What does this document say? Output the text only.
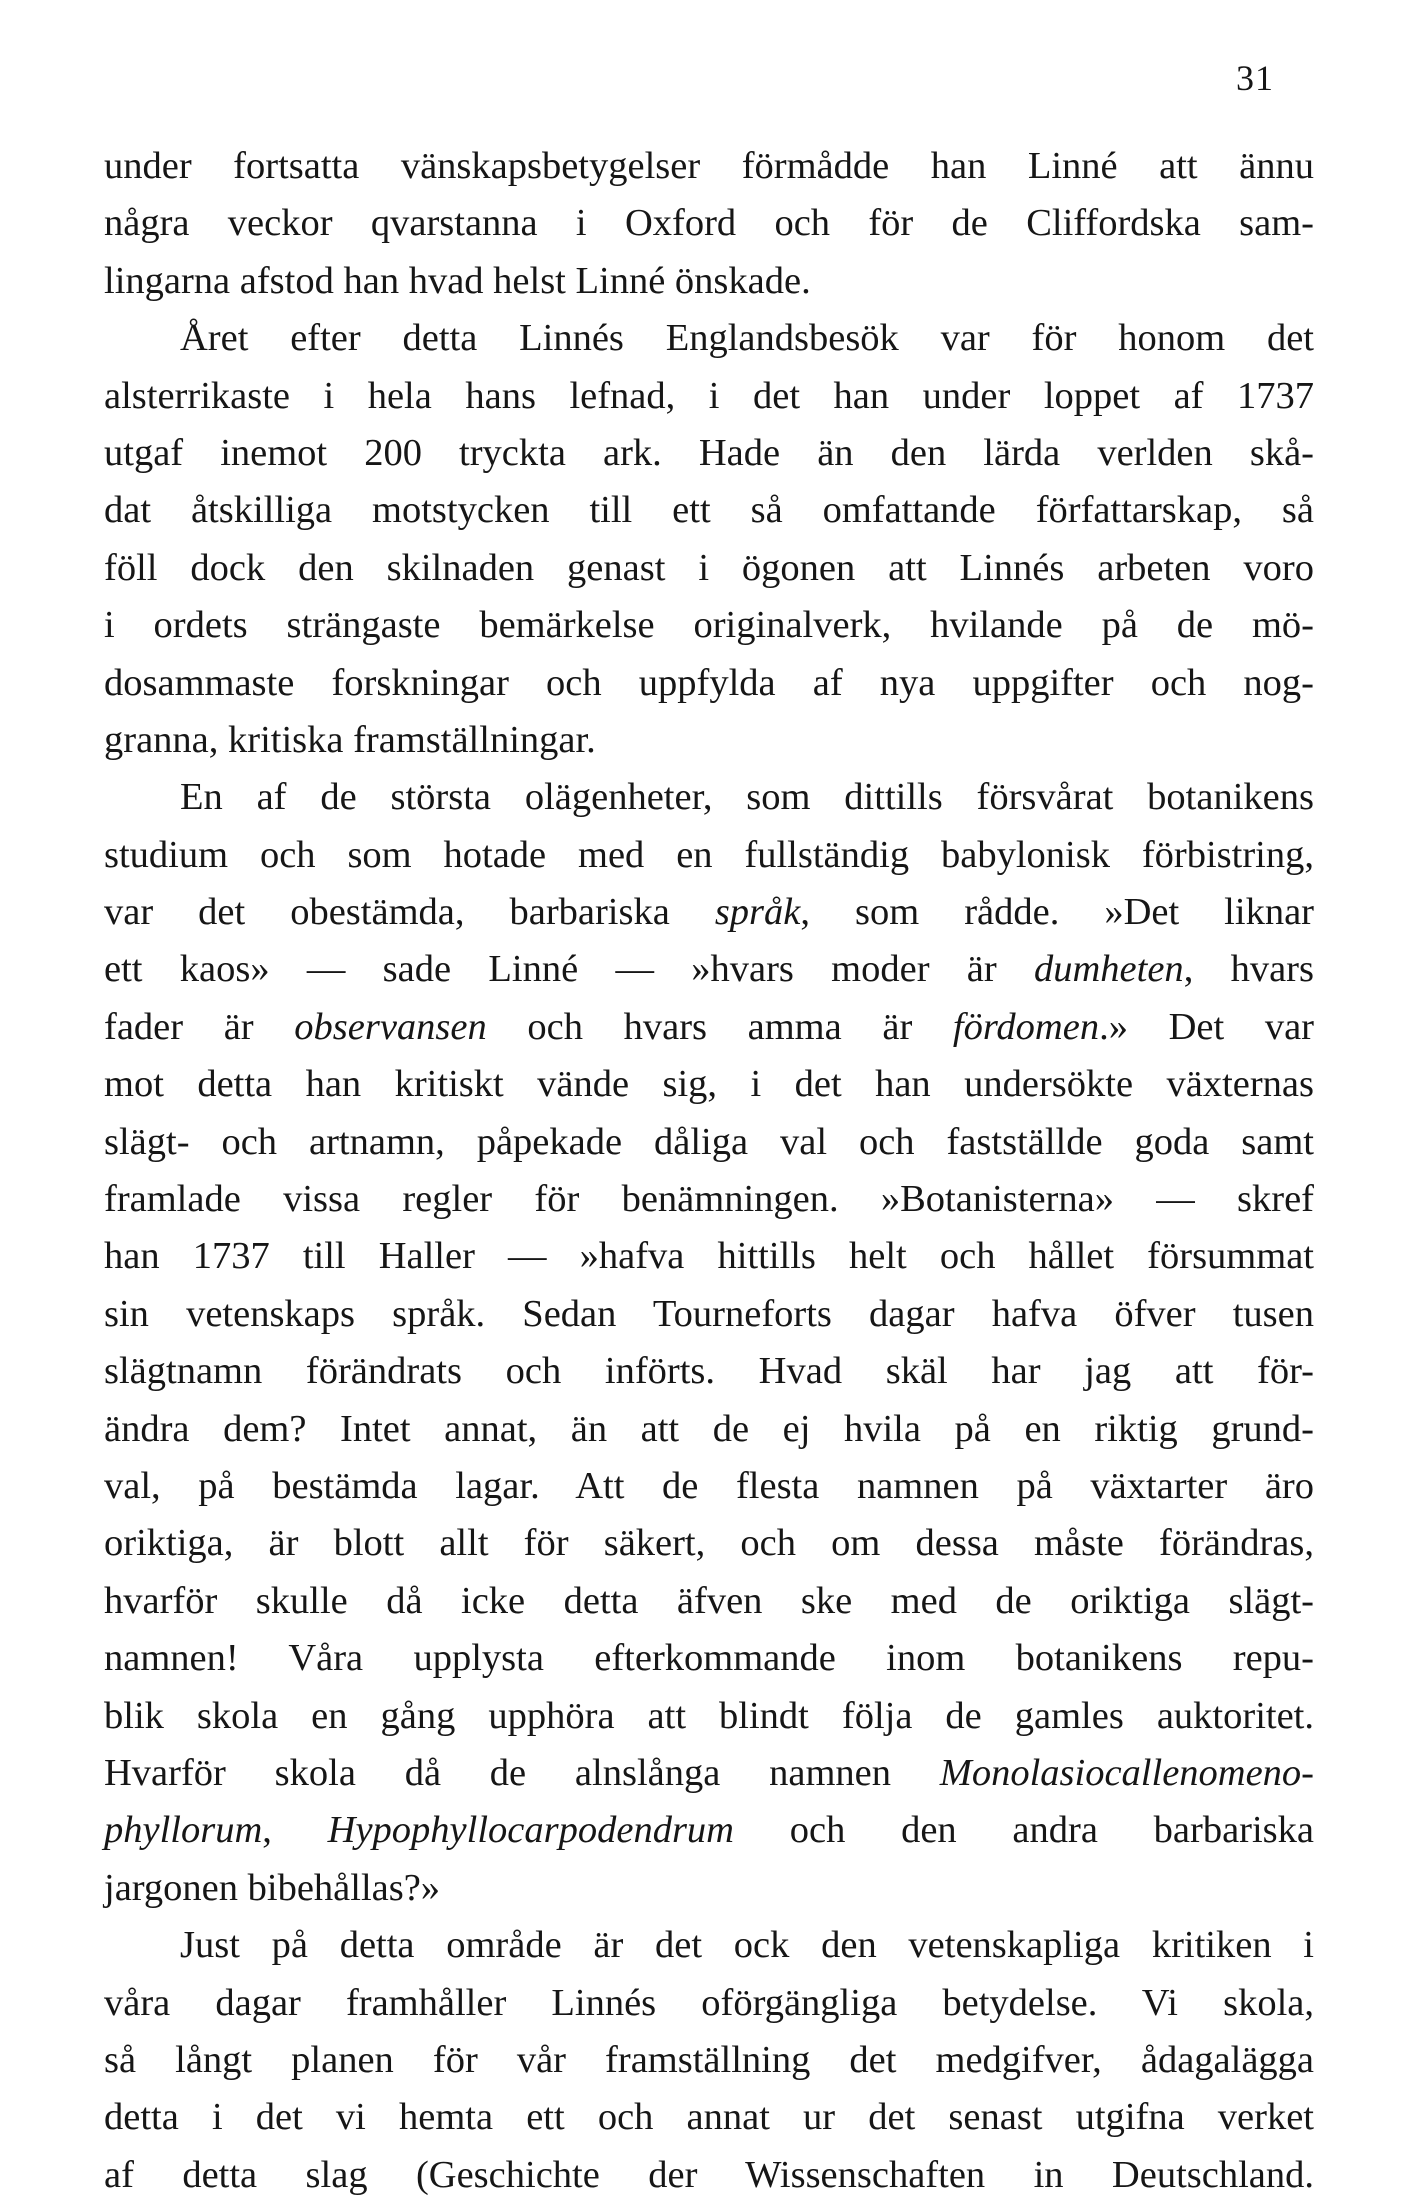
31
under fortsatta vänskapsbetygelser förmådde han Linné att ännu
några veckor qvarstanna i Oxford och för de Cliffordska sam-
lingarna afstod han hvad helst Linné önskade.
Året efter detta Linnés Englandsbesök var för honom det
alsterrikaste i hela hans lefnad, i det han under loppet af 1737
utgaf inemot 200 tryckta ark. Hade än den lärda verlden skå-
dat åtskilliga motstycken till ett så omfattande författarskap, så
föll dock den skilnaden genast i ögonen att Linnés arbeten voro
i ordets strängaste bemärkelse originalverk, hvilande på de mö-
dosammaste forskningar och uppfylda af nya uppgifter och nog-
granna, kritiska framställningar.
En af de största olägenheter, som dittills försvårat botanikens
studium och som hotade med en fullständig babylonisk förbistring,
var det obestämda, barbariska språk, som rådde. »Det liknar
ett kaos» — sade Linné — »hvars moder är dumheten, hvars
fader är observansen och hvars amma är fördomen.» Det var
mot detta han kritiskt vände sig, i det han undersökte växternas
slägt- och artnamn, påpekade dåliga val och fastställde goda samt
framlade vissa regler för benämningen. »Botanisterna» — skref
han 1737 till Haller — »hafva hittills helt och hållet försummat
sin vetenskaps språk. Sedan Tourneforts dagar hafva öfver tusen
slägtnamn förändrats och införts. Hvad skäl har jag att för-
ändra dem? Intet annat, än att de ej hvila på en riktig grund-
val, på bestämda lagar. Att de flesta namnen på växtarter äro
oriktiga, är blott allt för säkert, och om dessa måste förändras,
hvarför skulle då icke detta äfven ske med de oriktiga slägt-
namnen! Våra upplysta efterkommande inom botanikens repu-
blik skola en gång upphöra att blindt följa de gamles auktoritet.
Hvarför skola då de alnslånga namnen Monolasiocallenomeno-
phyllorum, Hypophyllocarpodendrum och den andra barbariska
jargonen bibehållas?»
Just på detta område är det ock den vetenskapliga kritiken i
våra dagar framhåller Linnés oförgängliga betydelse. Vi skola,
så långt planen för vår framställning det medgifver, ådagalägga
detta i det vi hemta ett och annat ur det senast utgifna verket
af detta slag (Geschichte der Wissenschaften in Deutschland.
